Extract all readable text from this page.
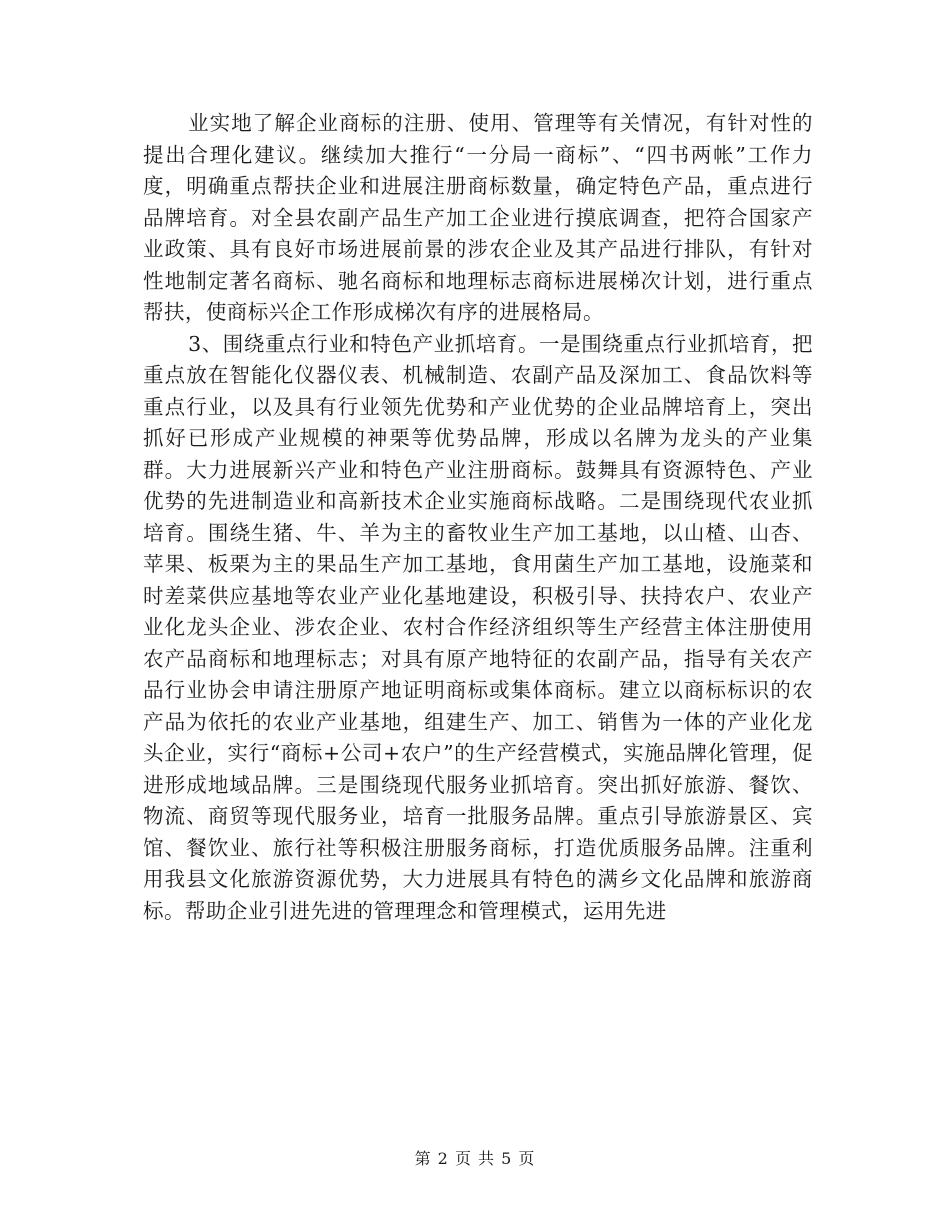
业实地了解企业商标的注册、使用、管理等有关情况，有针对性的提出合理化建议。继续加大推行“一分局一商标”、“四书两帐”工作力度，明确重点帮扶企业和进展注册商标数量，确定特色产品，重点进行品牌培育。对全县农副产品生产加工企业进行摸底调查，把符合国家产业政策、具有良好市场进展前景的涉农企业及其产品进行排队，有针对性地制定著名商标、驰名商标和地理标志商标进展梯次计划，进行重点帮扶，使商标兴企工作形成梯次有序的进展格局。

3、围绕重点行业和特色产业抓培育。一是围绕重点行业抓培育，把重点放在智能化仪器仪表、机械制造、农副产品及深加工、食品饮料等重点行业，以及具有行业领先优势和产业优势的企业品牌培育上，突出抓好已形成产业规模的神栗等优势品牌，形成以名牌为龙头的产业集群。大力进展新兴产业和特色产业注册商标。鼓舞具有资源特色、产业优势的先进制造业和高新技术企业实施商标战略。二是围绕现代农业抓培育。围绕生猪、牛、羊为主的畜牧业生产加工基地，以山楂、山杏、苹果、板栗为主的果品生产加工基地，食用菌生产加工基地，设施菜和时差菜供应基地等农业产业化基地建设，积极引导、扶持农户、农业产业化龙头企业、涉农企业、农村合作经济组织等生产经营主体注册使用农产品商标和地理标志；对具有原产地特征的农副产品，指导有关农产品行业协会申请注册原产地证明商标或集体商标。建立以商标标识的农产品为依托的农业产业基地，组建生产、加工、销售为一体的产业化龙头企业，实行“商标+公司+农户”的生产经营模式，实施品牌化管理，促进形成地域品牌。三是围绕现代服务业抓培育。突出抓好旅游、餐饮、物流、商贸等现代服务业，培育一批服务品牌。重点引导旅游景区、宾馆、餐饮业、旅行社等积极注册服务商标，打造优质服务品牌。注重利用我县文化旅游资源优势，大力进展具有特色的满乡文化品牌和旅游商标。帮助企业引进先进的管理理念和管理模式，运用先进

第 2 页 共 5 页
